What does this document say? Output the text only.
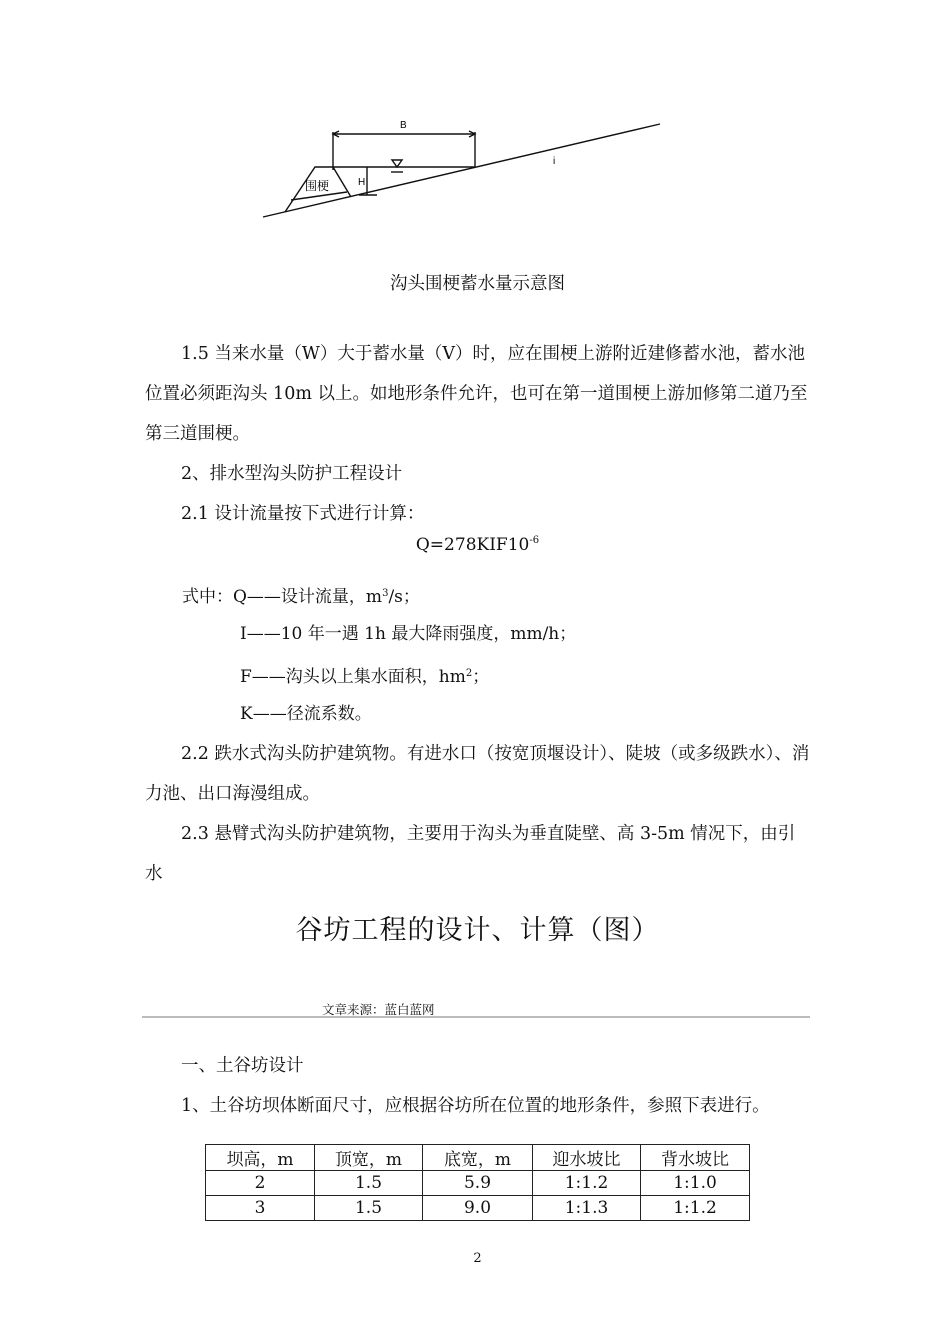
B
H
围梗
i
沟头围梗蓄水量示意图
1.5 当来水量（W）大于蓄水量（V）时，应在围梗上游附近建修蓄水池，蓄水池位置必须距沟头 10m 以上。如地形条件允许，也可在第一道围梗上游加修第二道乃至第三道围梗。
2、排水型沟头防护工程设计
2.1 设计流量按下式进行计算：
$Q=278KIF10^{-6}$
式中：Q——设计流量，$m^3/s$；
I——10 年一遇 1h 最大降雨强度，mm/h；
F——沟头以上集水面积，$hm^2$；
K——径流系数。
2.2 跌水式沟头防护建筑物。有进水口（按宽顶堰设计）、陡坡（或多级跌水）、消力池、出口海漫组成。
2.3 悬臂式沟头防护建筑物，主要用于沟头为垂直陡壁、高 3-5m 情况下，由引水
谷坊工程的设计、计算（图）
文章来源：蓝白蓝网
一、土谷坊设计
1、土谷坊坝体断面尺寸，应根据谷坊所在位置的地形条件，参照下表进行。
坝高，m	顶宽，m	底宽，m	迎水坡比	背水坡比
2	1.5	5.9	1:1.2	1:1.0
3	1.5	9.0	1:1.3	1:1.2
2
